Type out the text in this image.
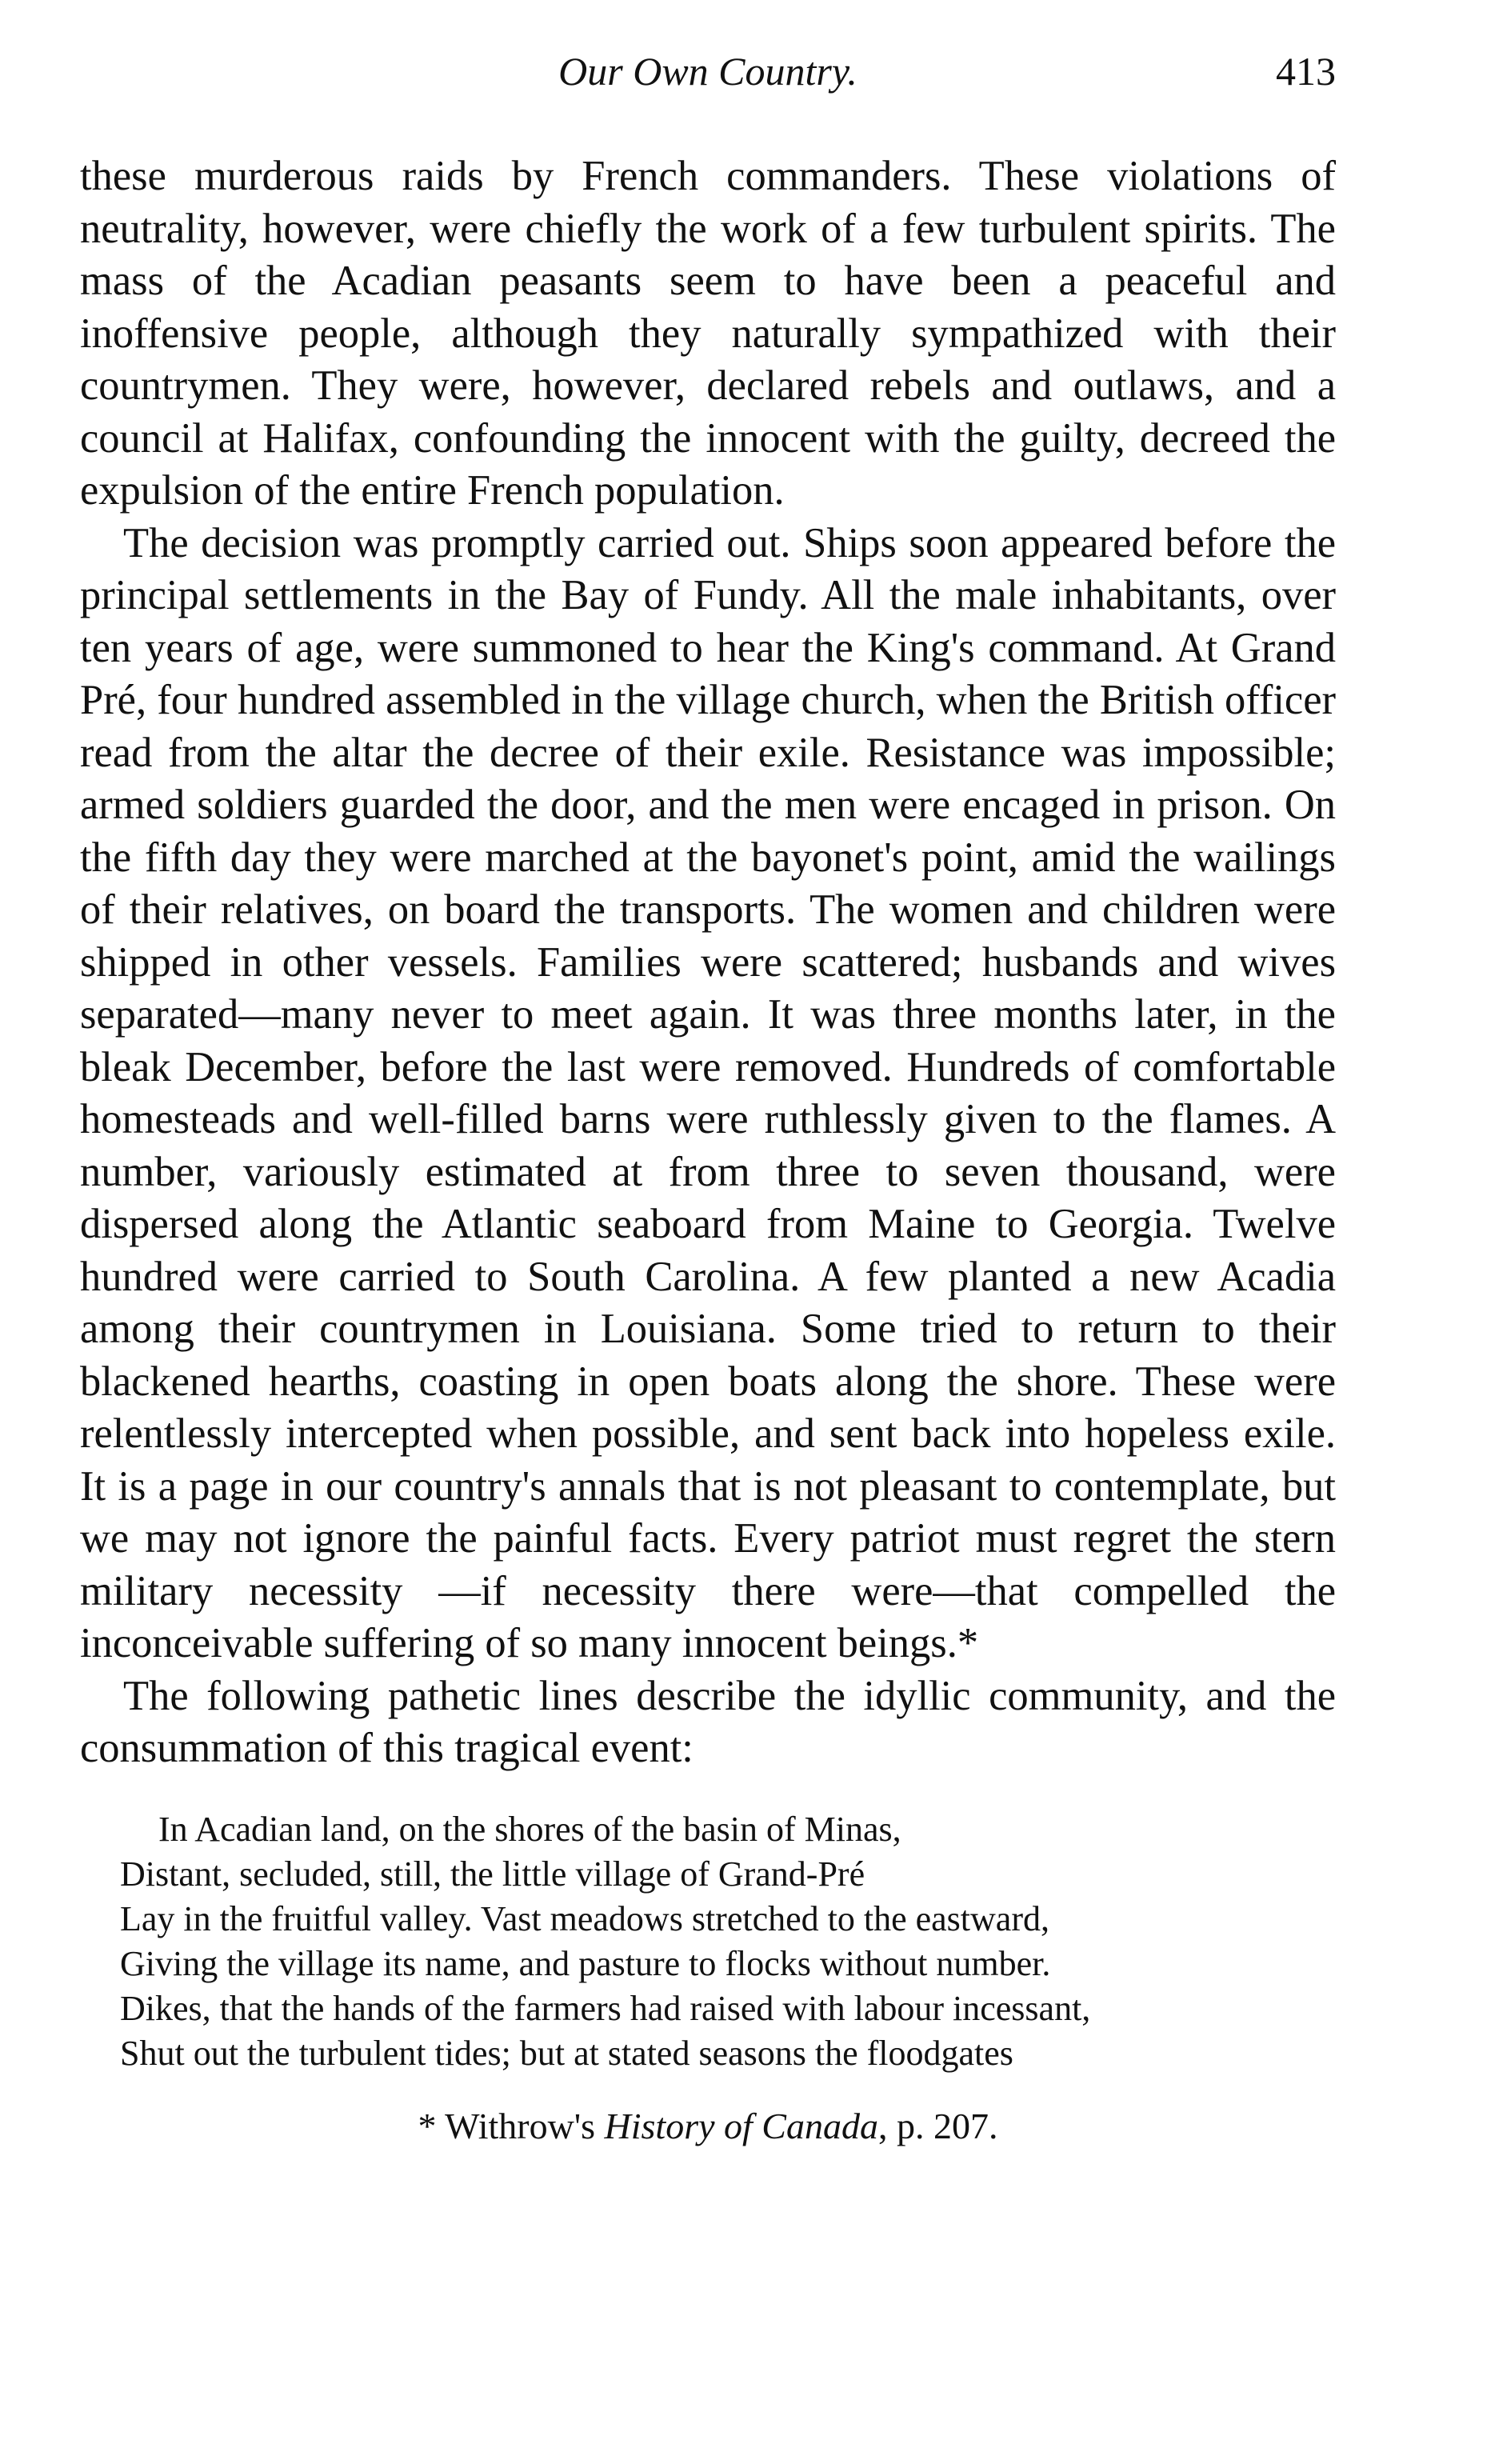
Our Own Country.	413

these murderous raids by French commanders. These violations of neutrality, however, were chiefly the work of a few turbulent spirits. The mass of the Acadian peasants seem to have been a peaceful and inoffensive people, although they naturally sympathized with their countrymen. They were, however, declared rebels and outlaws, and a council at Halifax, confounding the innocent with the guilty, decreed the expulsion of the entire French population.

The decision was promptly carried out. Ships soon appeared before the principal settlements in the Bay of Fundy. All the male inhabitants, over ten years of age, were summoned to hear the King's command. At Grand Pré, four hundred assembled in the village church, when the British officer read from the altar the decree of their exile. Resistance was impossible; armed soldiers guarded the door, and the men were encaged in prison. On the fifth day they were marched at the bayonet's point, amid the wailings of their relatives, on board the transports. The women and children were shipped in other vessels. Families were scattered; husbands and wives separated—many never to meet again. It was three months later, in the bleak December, before the last were removed. Hundreds of comfortable homesteads and well-filled barns were ruthlessly given to the flames. A number, variously estimated at from three to seven thousand, were dispersed along the Atlantic seaboard from Maine to Georgia. Twelve hundred were carried to South Carolina. A few planted a new Acadia among their countrymen in Louisiana. Some tried to return to their blackened hearths, coasting in open boats along the shore. These were relentlessly intercepted when possible, and sent back into hopeless exile. It is a page in our country's annals that is not pleasant to contemplate, but we may not ignore the painful facts. Every patriot must regret the stern military necessity —if necessity there were—that compelled the inconceivable suffering of so many innocent beings.*

The following pathetic lines describe the idyllic community, and the consummation of this tragical event:

In Acadian land, on the shores of the basin of Minas,
Distant, secluded, still, the little village of Grand-Pré
Lay in the fruitful valley. Vast meadows stretched to the eastward,
Giving the village its name, and pasture to flocks without number.
Dikes, that the hands of the farmers had raised with labour incessant,
Shut out the turbulent tides; but at stated seasons the floodgates
* Withrow's History of Canada, p. 207.
